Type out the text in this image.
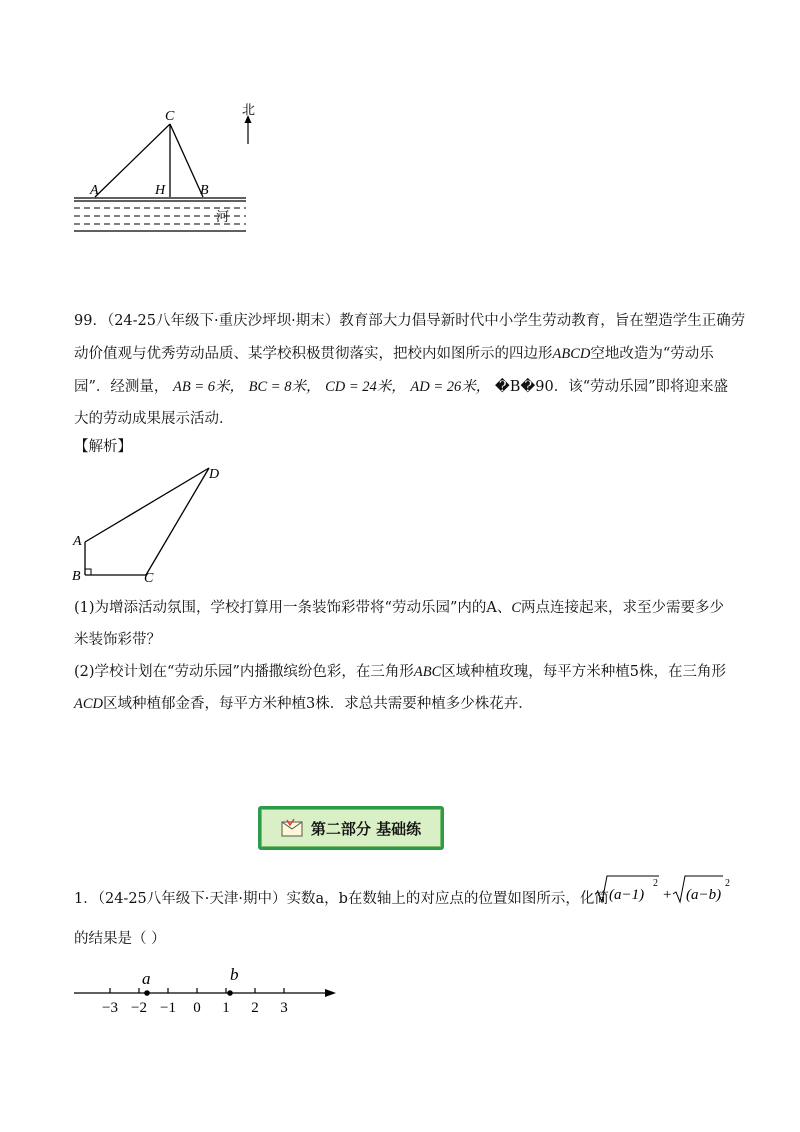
C
A	H B
北
河
99．（24-25八年级下·重庆沙坪坝·期末）教育部大力倡导新时代中小学生劳动教育，旨在塑造学生正确劳
动价值观与优秀劳动品质、某学校积极贯彻落实，把校内如图所示的四边形ABCD空地改造为“劳动乐
园”．经测量， AB = 6米， BC = 8米， CD = 24米， AD = 26米， �B�90．该“劳动乐园”即将迎来盛
大的劳动成果展示活动．
【解析】
D
A
B	C
(1)为增添活动氛围，学校打算用一条装饰彩带将“劳动乐园”内的A、C两点连接起来，求至少需要多少
米装饰彩带？
(2)学校计划在“劳动乐园”内播撒缤纷色彩，在三角形ABC区域种植玫瑰，每平方米种植5株，在三角形
ACD区域种植郁金香，每平方米种植3株．求总共需要种植多少株花卉．
第二部分 基础练
1．（24-25八年级下·天津·期中）实数a，b在数轴上的对应点的位置如图所示，化简 (a−1)
2
+ (a−b)
2
的结果是（ ）
−3 −2 −1 0 1 2 3
a	b
